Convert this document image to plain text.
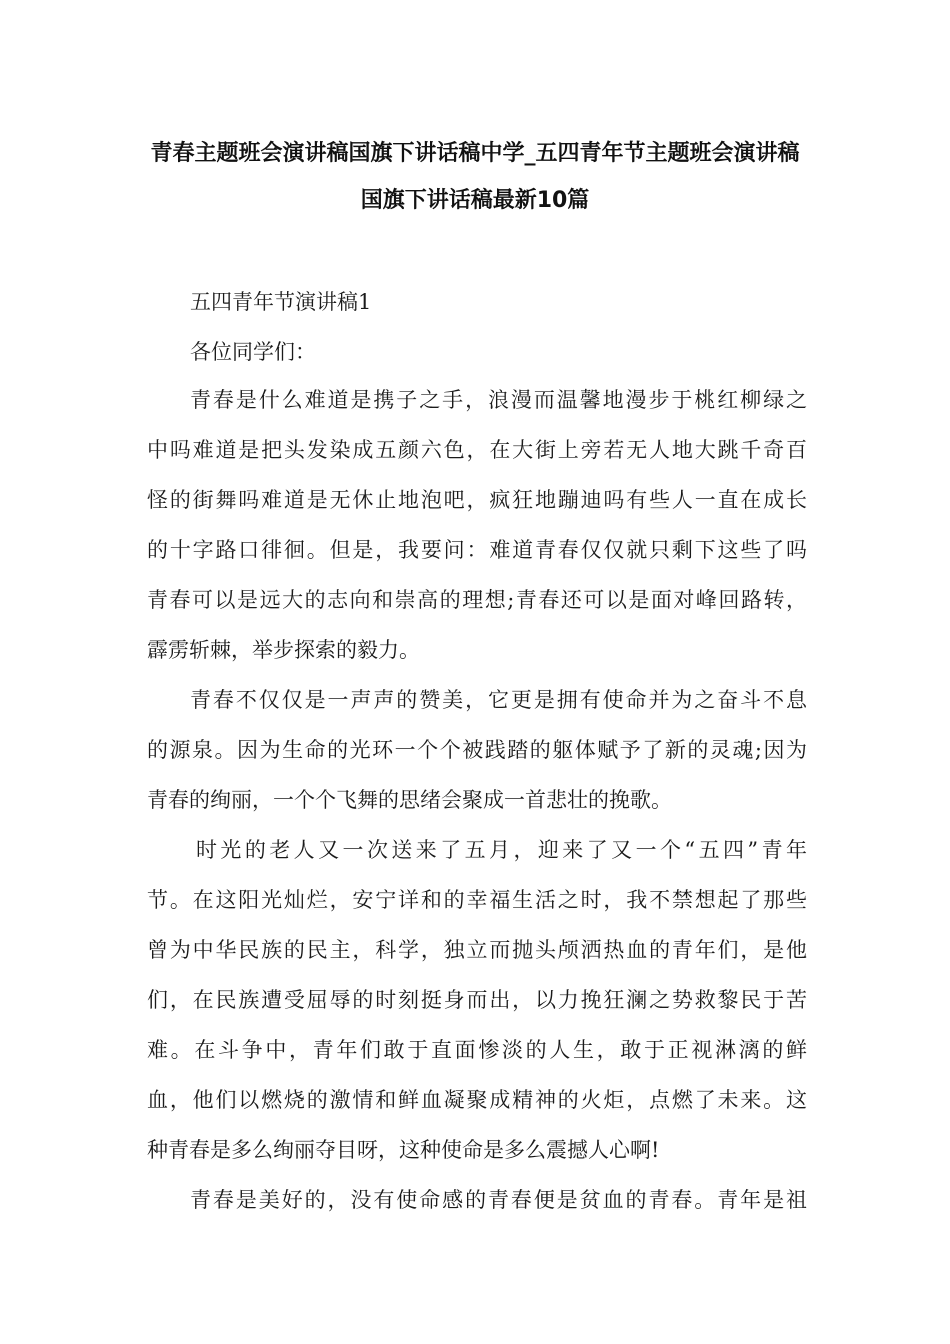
青春主题班会演讲稿国旗下讲话稿中学_五四青年节主题班会演讲稿
国旗下讲话稿最新10篇
五四青年节演讲稿1
各位同学们：
青春是什么难道是携子之手，浪漫而温馨地漫步于桃红柳绿之
中吗难道是把头发染成五颜六色，在大街上旁若无人地大跳千奇百
怪的街舞吗难道是无休止地泡吧，疯狂地蹦迪吗有些人一直在成长
的十字路口徘徊。但是，我要问：难道青春仅仅就只剩下这些了吗
青春可以是远大的志向和崇高的理想;青春还可以是面对峰回路转，
霹雳斩棘，举步探索的毅力。
青春不仅仅是一声声的赞美，它更是拥有使命并为之奋斗不息
的源泉。因为生命的光环一个个被践踏的躯体赋予了新的灵魂;因为
青春的绚丽，一个个飞舞的思绪会聚成一首悲壮的挽歌。
时光的老人又一次送来了五月，迎来了又一个“五四”青年
节。在这阳光灿烂，安宁详和的幸福生活之时，我不禁想起了那些
曾为中华民族的民主，科学，独立而抛头颅洒热血的青年们，是他
们，在民族遭受屈辱的时刻挺身而出，以力挽狂澜之势救黎民于苦
难。在斗争中，青年们敢于直面惨淡的人生，敢于正视淋漓的鲜
血，他们以燃烧的激情和鲜血凝聚成精神的火炬，点燃了未来。这
种青春是多么绚丽夺目呀，这种使命是多么震撼人心啊!
青春是美好的，没有使命感的青春便是贫血的青春。青年是祖
